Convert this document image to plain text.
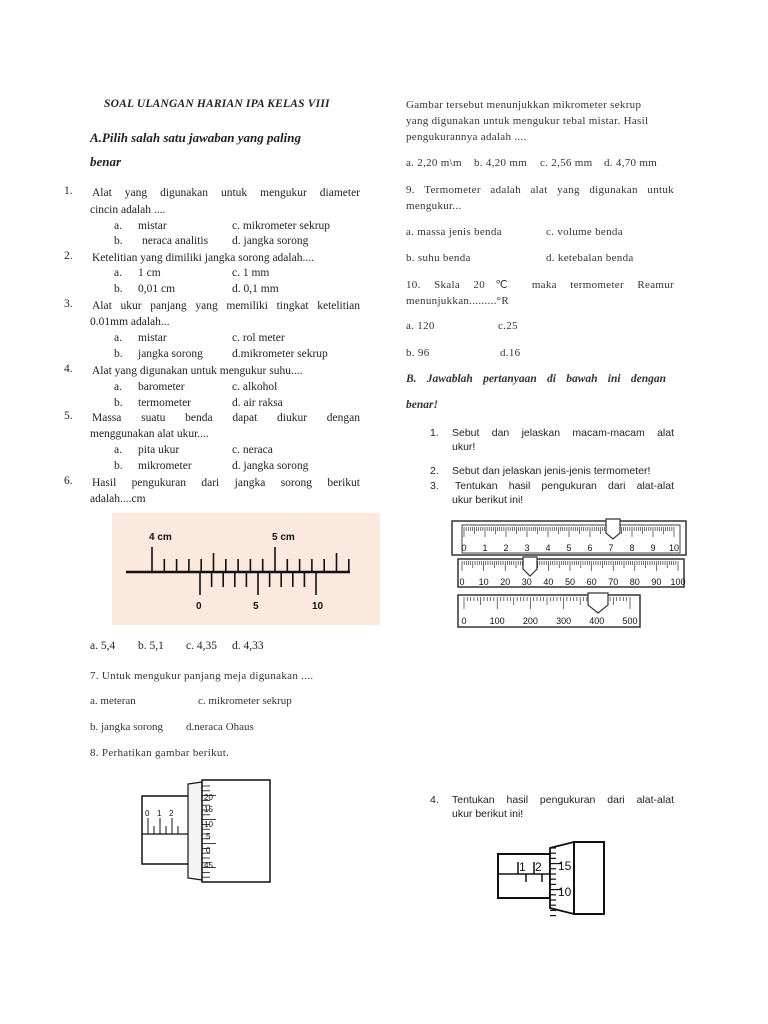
SOAL ULANGAN HARIAN IPA KELAS VIII
A.Pilih salah satu jawaban yang paling
benar
1.	Alat yang digunakan untuk mengukur diameter
cincin adalah ....
a. mistar	c. mikrometer sekrup
b. neraca analitis d. jangka sorong
2.	Ketelitian yang dimiliki jangka sorong adalah....
a. 1 cm	c. 1 mm
b. 0,01 cm	d. 0,1 mm
3.	Alat ukur panjang yang memiliki tingkat ketelitian
0.01mm adalah...
a. mistar	c. rol meter
b. jangka sorong	d.mikrometer sekrup
4.	Alat yang digunakan untuk mengukur suhu....
a. barometer	c. alkohol
b. termometer	d. air raksa
5.	Massa suatu benda dapat diukur dengan
menggunakan alat ukur....
a. pita ukur	c. neraca
b. mikrometer	d. jangka sorong
6.	Hasil pengukuran dari jangka sorong berikut
adalah....cm
4 cm	5 cm
0	5	10
a. 5,4 b. 5,1 c. 4,35 d. 4,33
7. Untuk mengukur panjang meja digunakan ....
a. meteran	c. mikrometer sekrup
b. jangka sorong d.neraca Ohaus
8. Perhatikan gambar berikut.
0 1 2
20
15
10
5
0
45
Gambar tersebut menunjukkan mikrometer sekrup
yang digunakan untuk mengukur tebal mistar. Hasil
pengukurannya adalah ....
a. 2,20 m\m b. 4,20 mm c. 2,56 mm d. 4,70 mm
9. Termometer adalah alat yang digunakan untuk
mengukur...
a. massa jenis benda	c. volume benda
b. suhu benda	d. ketebalan benda
10. Skala 20℃ maka termometer Reamur
menunjukkan.........°R
a. 120	c.25
b. 96	d.16
B. Jawablah pertanyaan di bawah ini dengan
benar!
1. Sebut dan jelaskan macam-macam alat
ukur!
2. Sebut dan jelaskan jenis-jenis termometer!
3. Tentukan hasil pengukuran dari alat-alat
ukur berikut ini!
0 1 2 3 4 5 6 7 8 9 10
0 10 20 30 40 50 60 70 80 90 100
0	100 200 300 400 500
4. Tentukan hasil pengukuran dari alat-alat
ukur berikut ini!
1 2 15
10
